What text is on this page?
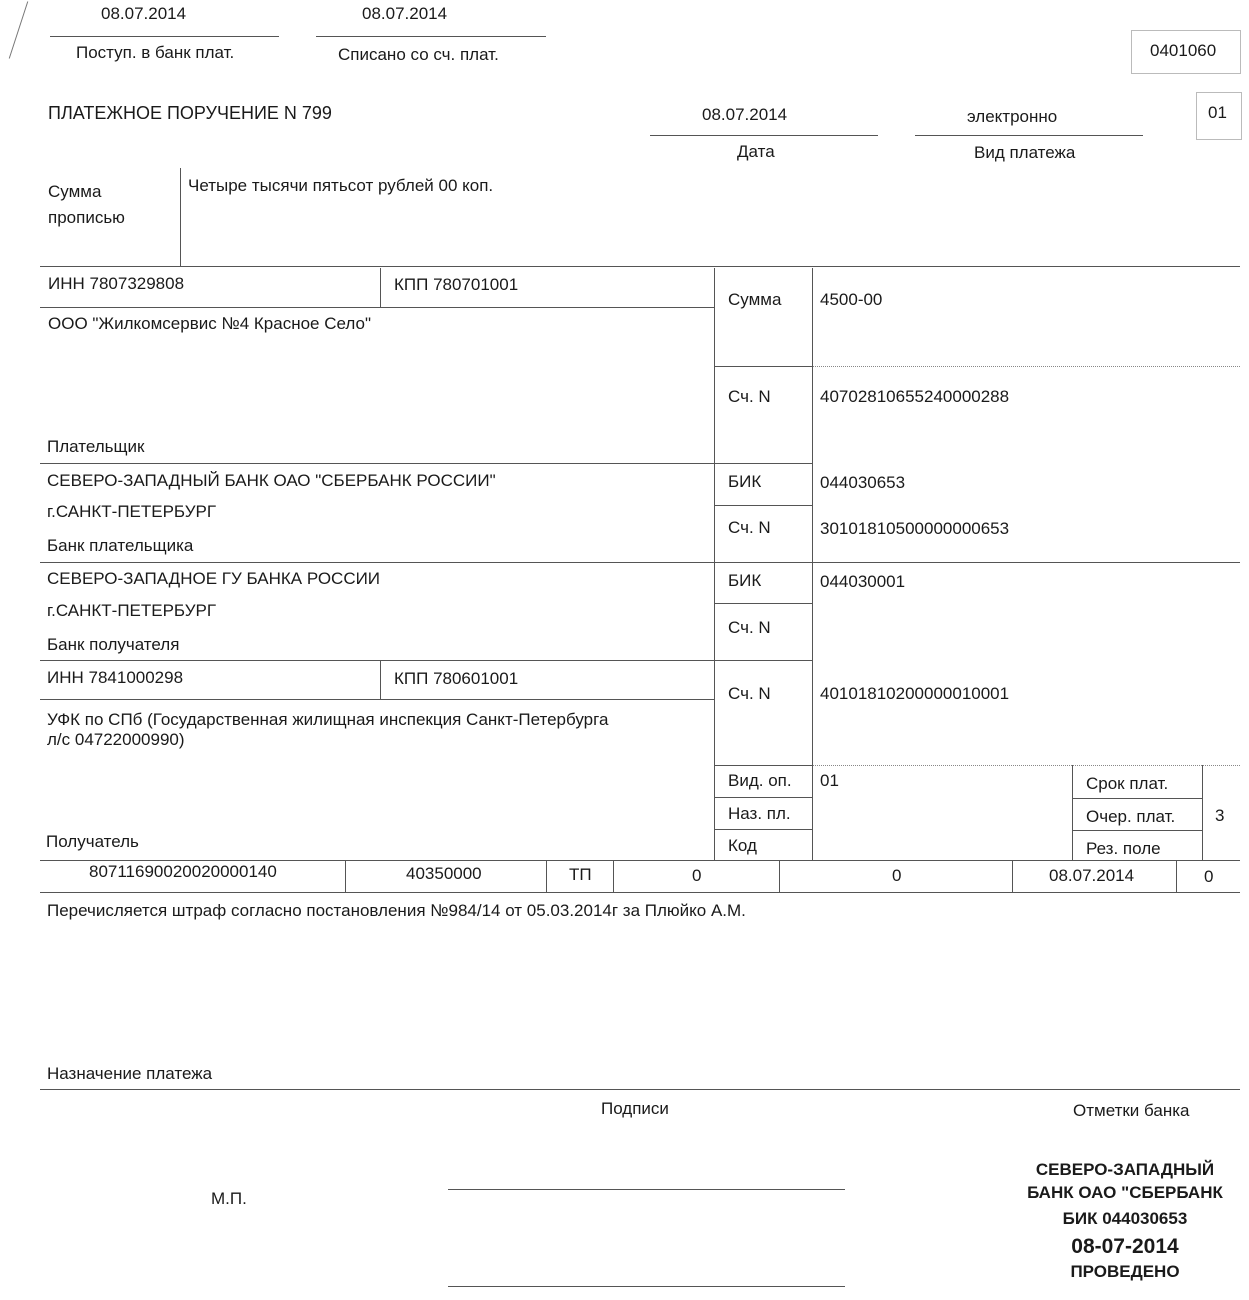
08.07.2014	08.07.2014
Поступ. в банк плат.	Списано со сч. плат.	0401060
ПЛАТЕЖНОЕ ПОРУЧЕНИЕ N 799	08.07.2014
Дата
электронно
Вид платежа
01
Сумма
прописью
Четыре тысячи пятьсот рублей 00 коп.
ИНН 7807329808	КПП 780701001
ООО "Жилкомсервис №4 Красное Село"
Плательщик
Сумма 4500-00
Сч. N	40702810655240000288
СЕВЕРО-ЗАПАДНЫЙ БАНК ОАО "СБЕРБАНК РОССИИ"
г.САНКТ-ПЕТЕРБУРГ
Банк плательщика
БИК	044030653
Сч. N	30101810500000000653
СЕВЕРО-ЗАПАДНОЕ ГУ БАНКА РОССИИ
г.САНКТ-ПЕТЕРБУРГ
Банк получателя
БИК	044030001
Сч. N
ИНН 7841000298	КПП 780601001
УФК по СПб (Государственная жилищная инспекция Санкт-Петербурга
л/с 04722000990)
Получатель
Сч. N	40101810200000010001
Вид. оп. 01
Наз. пл.
Код
Срок плат.
Очер. плат. 3
Рез. поле
80711690020020000140	40350000	ТП	0	0	08.07.2014	0
Перечисляется штраф согласно постановления №984/14 от 05.03.2014г за Плюйко А.М.
Назначение платежа
Подписи	Отметки банка
М.П.
СЕВЕРО-ЗАПАДНЫЙ
БАНК ОАО "СБЕРБАНК
БИК 044030653
08-07-2014
ПРОВЕДЕНО
